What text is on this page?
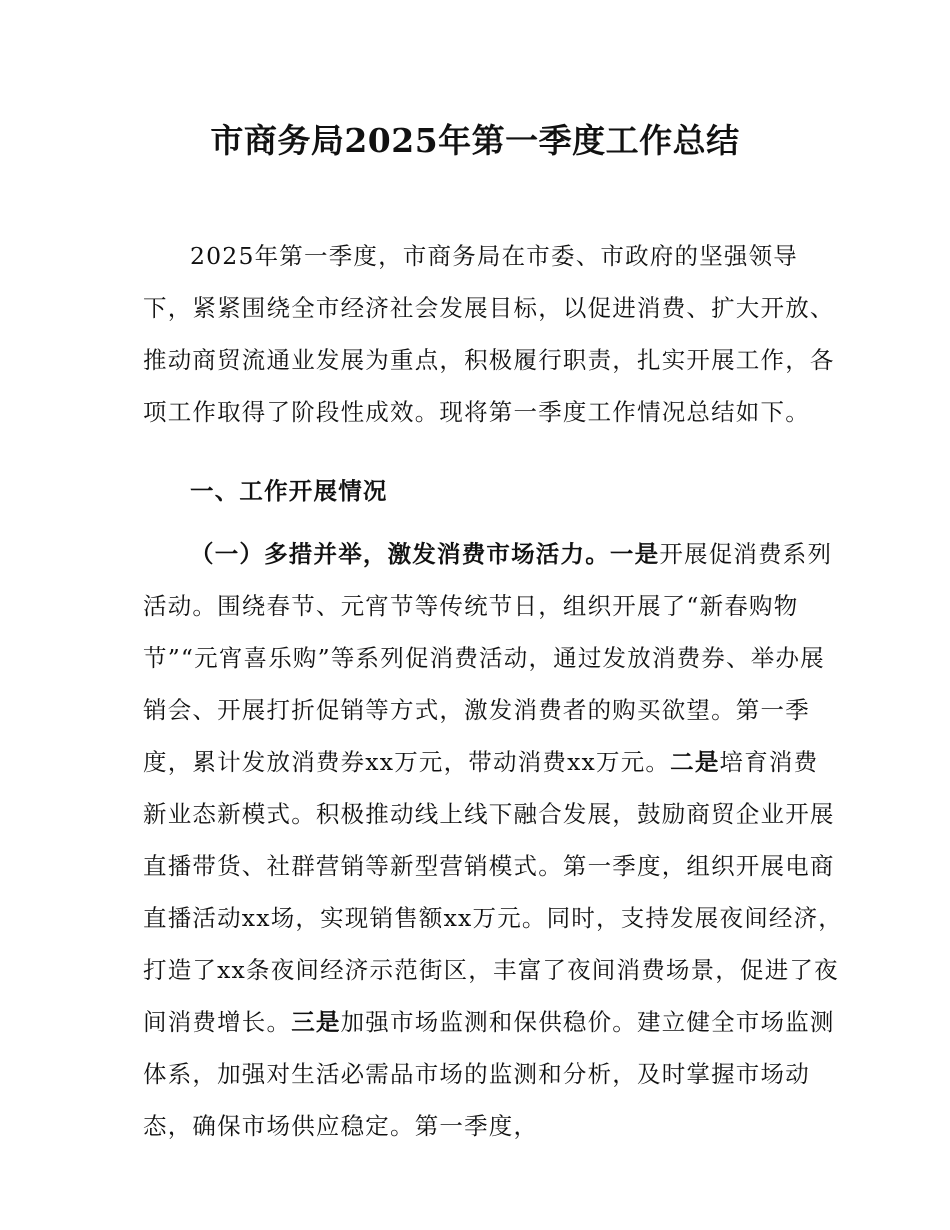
市商务局2025年第一季度工作总结

2025年第一季度，市商务局在市委、市政府的坚强领导下，紧紧围绕全市经济社会发展目标，以促进消费、扩大开放、推动商贸流通业发展为重点，积极履行职责，扎实开展工作，各项工作取得了阶段性成效。现将第一季度工作情况总结如下。

一、工作开展情况

（一）多措并举，激发消费市场活力。一是开展促消费系列活动。围绕春节、元宵节等传统节日，组织开展了“新春购物节”“元宵喜乐购”等系列促消费活动，通过发放消费券、举办展销会、开展打折促销等方式，激发消费者的购买欲望。第一季度，累计发放消费券xx万元，带动消费xx万元。二是培育消费新业态新模式。积极推动线上线下融合发展，鼓励商贸企业开展直播带货、社群营销等新型营销模式。第一季度，组织开展电商直播活动xx场，实现销售额xx万元。同时，支持发展夜间经济，打造了xx条夜间经济示范街区，丰富了夜间消费场景，促进了夜间消费增长。三是加强市场监测和保供稳价。建立健全市场监测体系，加强对生活必需品市场的监测和分析，及时掌握市场动态，确保市场供应稳定。第一季度，
